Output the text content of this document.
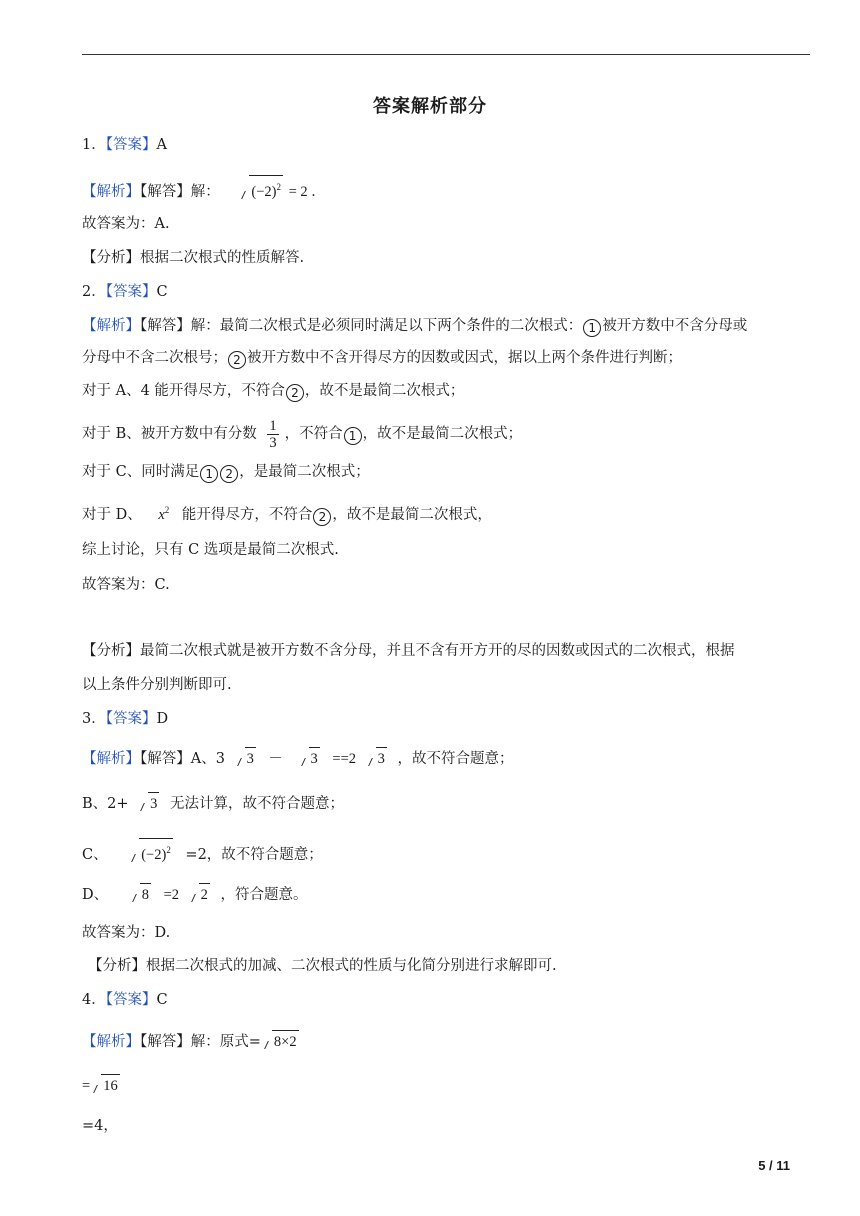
答案解析部分
1．【答案】A
【解析】【解答】解： $(-2)^2 = 2$ ．
故答案为：A.
【分析】根据二次根式的性质解答.
2．【答案】C
【解析】【解答】解：最简二次根式是必须同时满足以下两个条件的二次根式： 1 被开方数中不含分母或
分母中不含二次根号； 2 被开方数中不含开得尽方的因数或因式，据以上两个条件进行判断；
对于 A、4 能开得尽方，不符合 2 ，故不是最简二次根式；
对于 B、被开方数中有分数 $\frac{1}{3}$ ，不符合 1 ，故不是最简二次根式；
对于 C、同时满足 1 2 ，是最简二次根式；
对于 D、 $x^2$ 能开得尽方，不符合 2 ，故不是最简二次根式，
综上讨论，只有 C 选项是最简二次根式.
故答案为：C.
【分析】最简二次根式就是被开方数不含分母，并且不含有开方开的尽的因数或因式的二次根式，根据
以上条件分别判断即可.
3．【答案】D
【解析】【解答】A、3 3 － 3 ==2 3 ，故不符合题意；
B、2+ 3 无法计算，故不符合题意；
C、 $(-2)^2 =2$，故不符合题意；
D、 8 =2 2 ，符合题意。
故答案为：D.
【分析】根据二次根式的加减、二次根式的性质与化简分别进行求解即可.
4．【答案】C
【解析】【解答】解：原式= 8×2
= 16
=4，
5 / 11
